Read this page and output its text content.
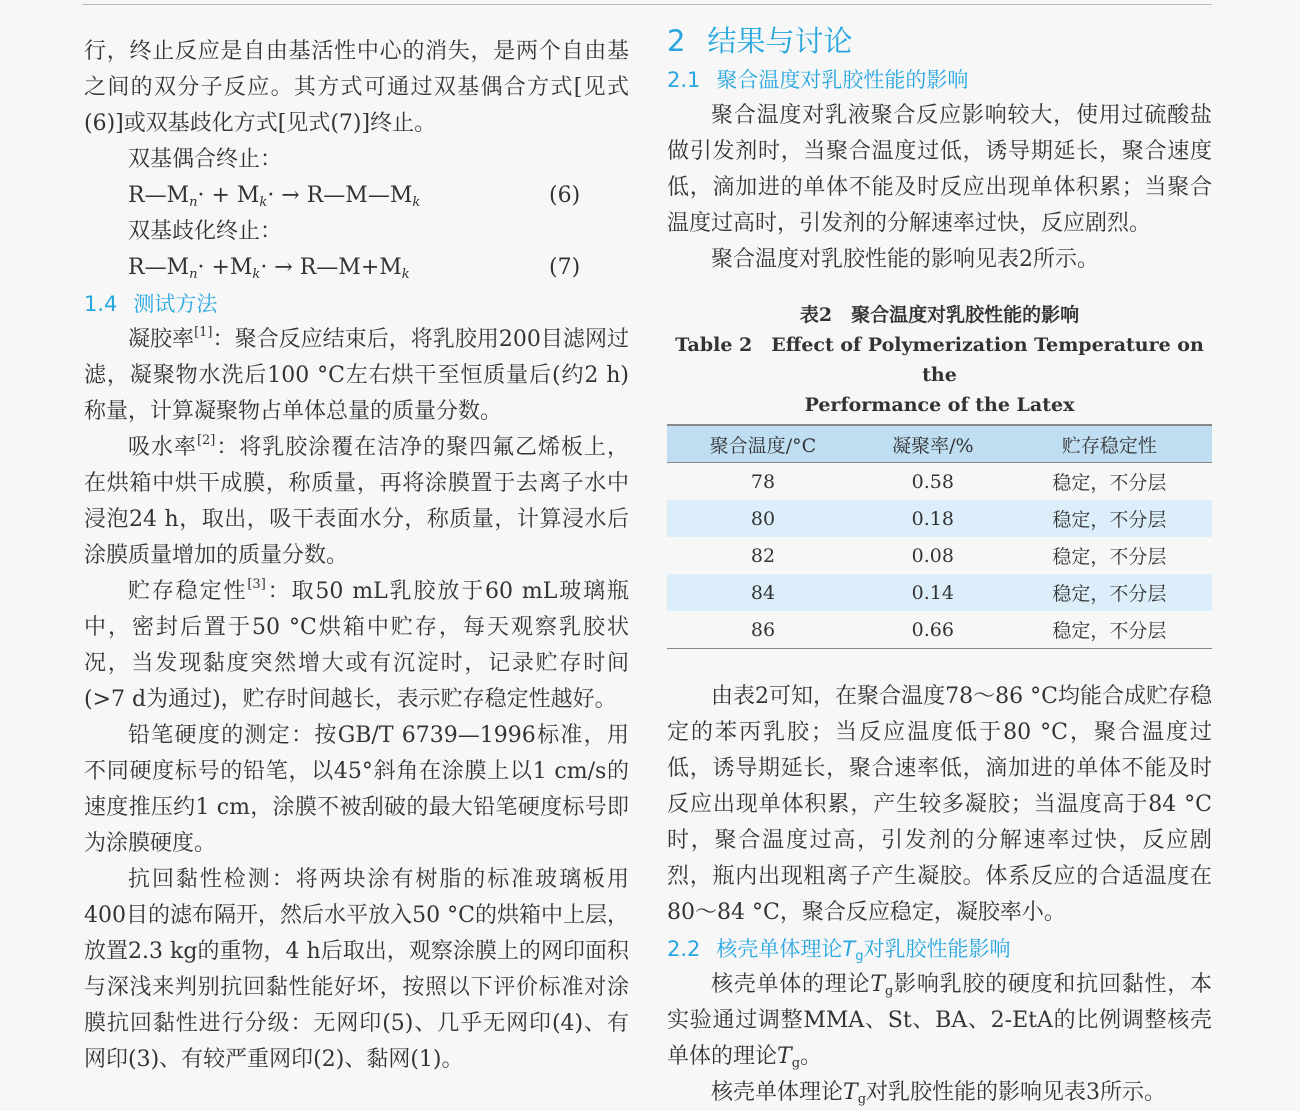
行，终止反应是自由基活性中心的消失，是两个自由基之间的双分子反应。其方式可通过双基偶合方式[见式(6)]或双基歧化方式[见式(7)]终止。

双基偶合终止：

$R—M_n\cdot + M_k\cdot$ → $R—M—M_k$	(6)

双基歧化终止：

$R—M_n\cdot +M_k\cdot$ → $R—M+M_k$	(7)

1.4 测试方法

凝胶率[1]：聚合反应结束后，将乳胶用200目滤网过滤，凝聚物水洗后100 °C左右烘干至恒质量后(约2 h)称量，计算凝聚物占单体总量的质量分数。

吸水率[2]：将乳胶涂覆在洁净的聚四氟乙烯板上，在烘箱中烘干成膜，称质量，再将涂膜置于去离子水中浸泡24 h，取出，吸干表面水分，称质量，计算浸水后涂膜质量增加的质量分数。

贮存稳定性[3]：取50 mL乳胶放于60 mL玻璃瓶中，密封后置于50 °C烘箱中贮存，每天观察乳胶状况，当发现黏度突然增大或有沉淀时，记录贮存时间(>7 d为通过)，贮存时间越长，表示贮存稳定性越好。

铅笔硬度的测定：按GB/T 6739—1996标准，用不同硬度标号的铅笔，以45°斜角在涂膜上以1 cm/s的速度推压约1 cm，涂膜不被刮破的最大铅笔硬度标号即为涂膜硬度。

抗回黏性检测：将两块涂有树脂的标准玻璃板用400目的滤布隔开，然后水平放入50 °C的烘箱中上层，放置2.3 kg的重物，4 h后取出，观察涂膜上的网印面积与深浅来判别抗回黏性能好坏，按照以下评价标准对涂膜抗回黏性进行分级：无网印(5)、几乎无网印(4)、有网印(3)、有较严重网印(2)、黏网(1)。

2 结果与讨论

2.1 聚合温度对乳胶性能的影响

聚合温度对乳液聚合反应影响较大，使用过硫酸盐做引发剂时，当聚合温度过低，诱导期延长，聚合速度低，滴加进的单体不能及时反应出现单体积累；当聚合温度过高时，引发剂的分解速率过快，反应剧烈。

聚合温度对乳胶性能的影响见表2所示。

表2　聚合温度对乳胶性能的影响

Table 2　Effect of Polymerization Temperature on the

Performance of the Latex

聚合温度/°C	凝聚率/%	贮存稳定性
78	0.58	稳定，不分层
80	0.18	稳定，不分层
82	0.08	稳定，不分层
84	0.14	稳定，不分层
86	0.66	稳定，不分层

由表2可知，在聚合温度78～86 °C均能合成贮存稳定的苯丙乳胶；当反应温度低于80 °C，聚合温度过低，诱导期延长，聚合速率低，滴加进的单体不能及时反应出现单体积累，产生较多凝胶；当温度高于84 °C时，聚合温度过高，引发剂的分解速率过快，反应剧烈，瓶内出现粗离子产生凝胶。体系反应的合适温度在80～84 °C，聚合反应稳定，凝胶率小。

2.2 核壳单体理论$T_g$对乳胶性能影响

核壳单体的理论$T_g$影响乳胶的硬度和抗回黏性，本实验通过调整MMA、St、BA、2-EtA的比例调整核壳单体的理论$T_g$。

核壳单体理论$T_g$对乳胶性能的影响见表3所示。
